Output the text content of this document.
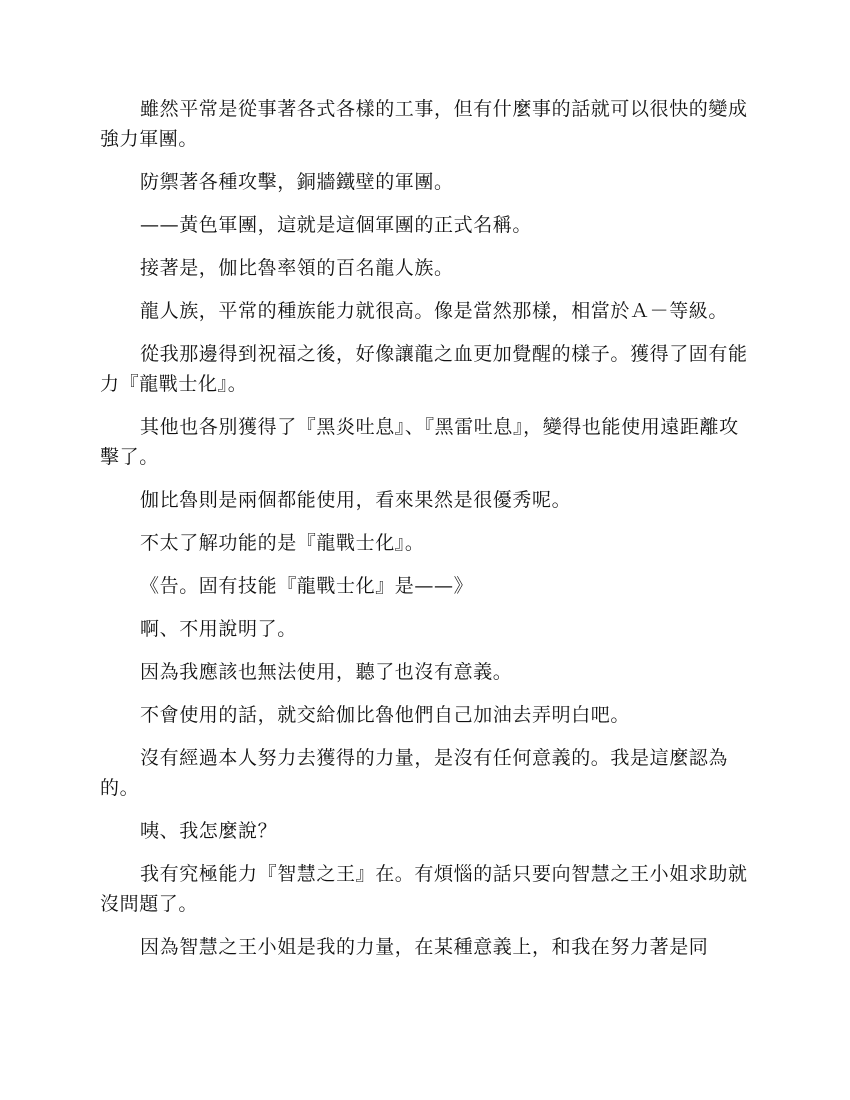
雖然平常是從事著各式各樣的工事，但有什麼事的話就可以很快的變成強力軍團。

防禦著各種攻擊，銅牆鐵壁的軍團。

——黃色軍團，這就是這個軍團的正式名稱。

接著是，伽比魯率領的百名龍人族。

龍人族，平常的種族能力就很高。像是當然那樣，相當於Ａ－等級。

從我那邊得到祝福之後，好像讓龍之血更加覺醒的樣子。獲得了固有能力『龍戰士化』。

其他也各別獲得了『黑炎吐息』、『黑雷吐息』，變得也能使用遠距離攻擊了。

伽比魯則是兩個都能使用，看來果然是很優秀呢。

不太了解功能的是『龍戰士化』。

《告。固有技能『龍戰士化』是——》

啊、不用說明了。

因為我應該也無法使用，聽了也沒有意義。

不會使用的話，就交給伽比魯他們自己加油去弄明白吧。

沒有經過本人努力去獲得的力量，是沒有任何意義的。我是這麼認為的。

咦、我怎麼說？

我有究極能力『智慧之王』在。有煩惱的話只要向智慧之王小姐求助就沒問題了。

因為智慧之王小姐是我的力量，在某種意義上，和我在努力著是同
